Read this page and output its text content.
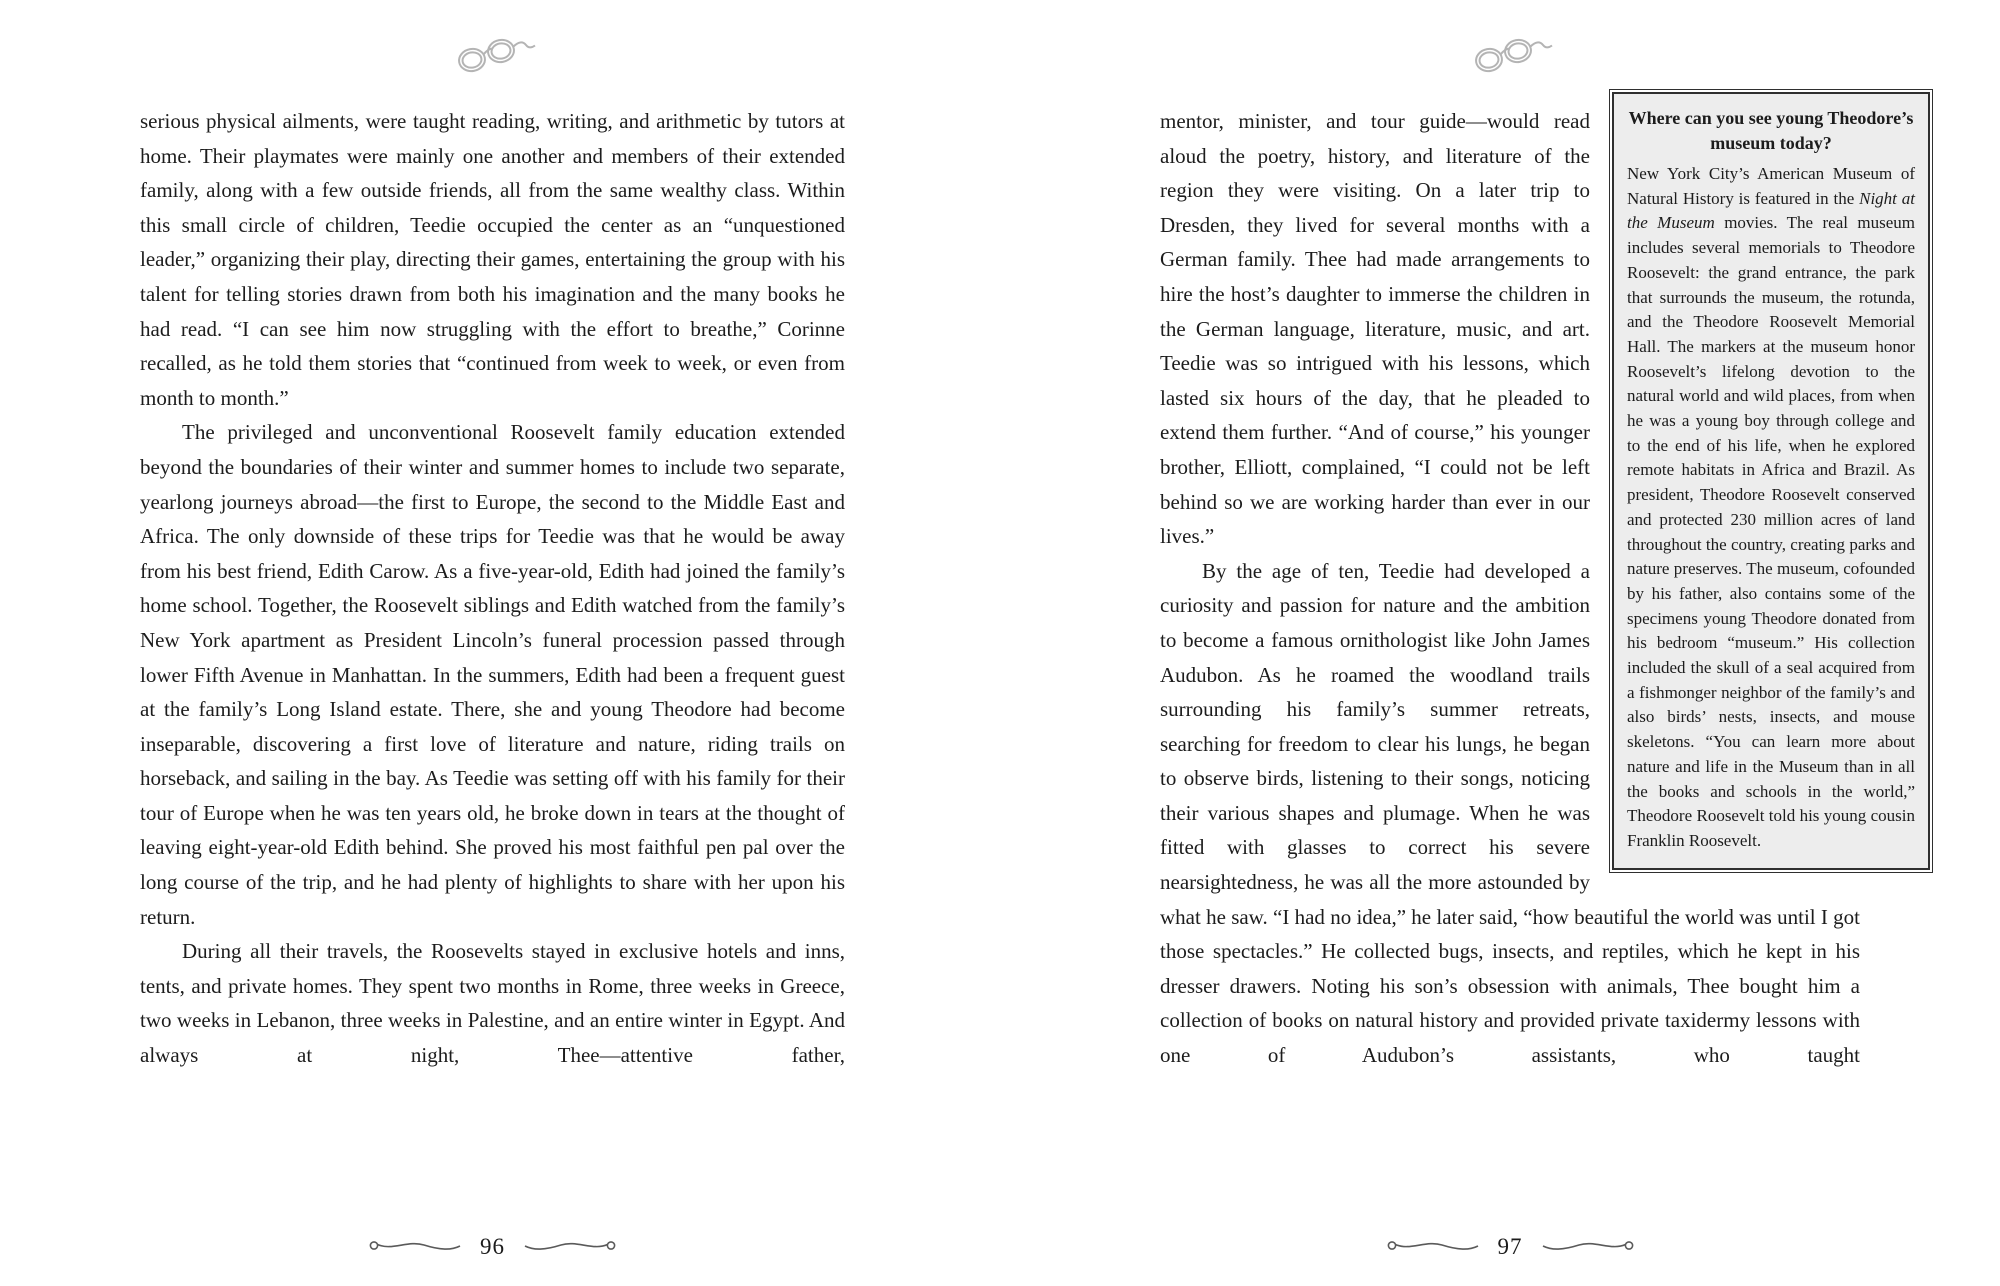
serious physical ailments, were taught reading, writing, and arithmetic by tutors at home. Their playmates were mainly one another and members of their extended family, along with a few outside friends, all from the same wealthy class. Within this small circle of children, Teedie occupied the center as an “unquestioned leader,” organizing their play, directing their games, entertaining the group with his talent for telling stories drawn from both his imagination and the many books he had read. “I can see him now struggling with the effort to breathe,” Corinne recalled, as he told them stories that “continued from week to week, or even from month to month.”

The privileged and unconventional Roosevelt family education extended beyond the boundaries of their winter and summer homes to include two separate, yearlong journeys abroad—the first to Europe, the second to the Middle East and Africa. The only downside of these trips for Teedie was that he would be away from his best friend, Edith Carow. As a five-year-old, Edith had joined the family’s home school. Together, the Roosevelt siblings and Edith watched from the family’s New York apartment as President Lincoln’s funeral procession passed through lower Fifth Avenue in Manhattan. In the summers, Edith had been a frequent guest at the family’s Long Island estate. There, she and young Theodore had become inseparable, discovering a first love of literature and nature, riding trails on horseback, and sailing in the bay. As Teedie was setting off with his family for their tour of Europe when he was ten years old, he broke down in tears at the thought of leaving eight-year-old Edith behind. She proved his most faithful pen pal over the long course of the trip, and he had plenty of highlights to share with her upon his return.

During all their travels, the Roosevelts stayed in exclusive hotels and inns, tents, and private homes. They spent two months in Rome, three weeks in Greece, two weeks in Lebanon, three weeks in Palestine, and an entire winter in Egypt. And always at night, Thee—attentive father,

96
Where can you see young Theodore’s museum today?

New York City’s American Museum of Natural History is featured in the Night at the Museum movies. The real museum includes several memorials to Theodore Roosevelt: the grand entrance, the park that surrounds the museum, the rotunda, and the Theodore Roosevelt Memorial Hall. The markers at the museum honor Roosevelt’s lifelong devotion to the natural world and wild places, from when he was a young boy through college and to the end of his life, when he explored remote habitats in Africa and Brazil. As president, Theodore Roosevelt conserved and protected 230 million acres of land throughout the country, creating parks and nature preserves. The museum, cofounded by his father, also contains some of the specimens young Theodore donated from his bedroom “museum.” His collection included the skull of a seal acquired from a fishmonger neighbor of the family’s and also birds’ nests, insects, and mouse skeletons. “You can learn more about nature and life in the Museum than in all the books and schools in the world,” Theodore Roosevelt told his young cousin Franklin Roosevelt.

mentor, minister, and tour guide—would read aloud the poetry, history, and literature of the region they were visiting. On a later trip to Dresden, they lived for several months with a German family. Thee had made arrangements to hire the host’s daughter to immerse the children in the German language, literature, music, and art. Teedie was so intrigued with his lessons, which lasted six hours of the day, that he pleaded to extend them further. “And of course,” his younger brother, Elliott, complained, “I could not be left behind so we are working harder than ever in our lives.”

By the age of ten, Teedie had developed a curiosity and passion for nature and the ambition to become a famous ornithologist like John James Audubon. As he roamed the woodland trails surrounding his family’s summer retreats, searching for freedom to clear his lungs, he began to observe birds, listening to their songs, noticing their various shapes and plumage. When he was fitted with glasses to correct his severe nearsightedness, he was all the more astounded by what he saw. “I had no idea,” he later said, “how beautiful the world was until I got those spectacles.” He collected bugs, insects, and reptiles, which he kept in his dresser drawers. Noting his son’s obsession with animals, Thee bought him a collection of books on natural history and provided private taxidermy lessons with one of Audubon’s assistants, who taught

97
